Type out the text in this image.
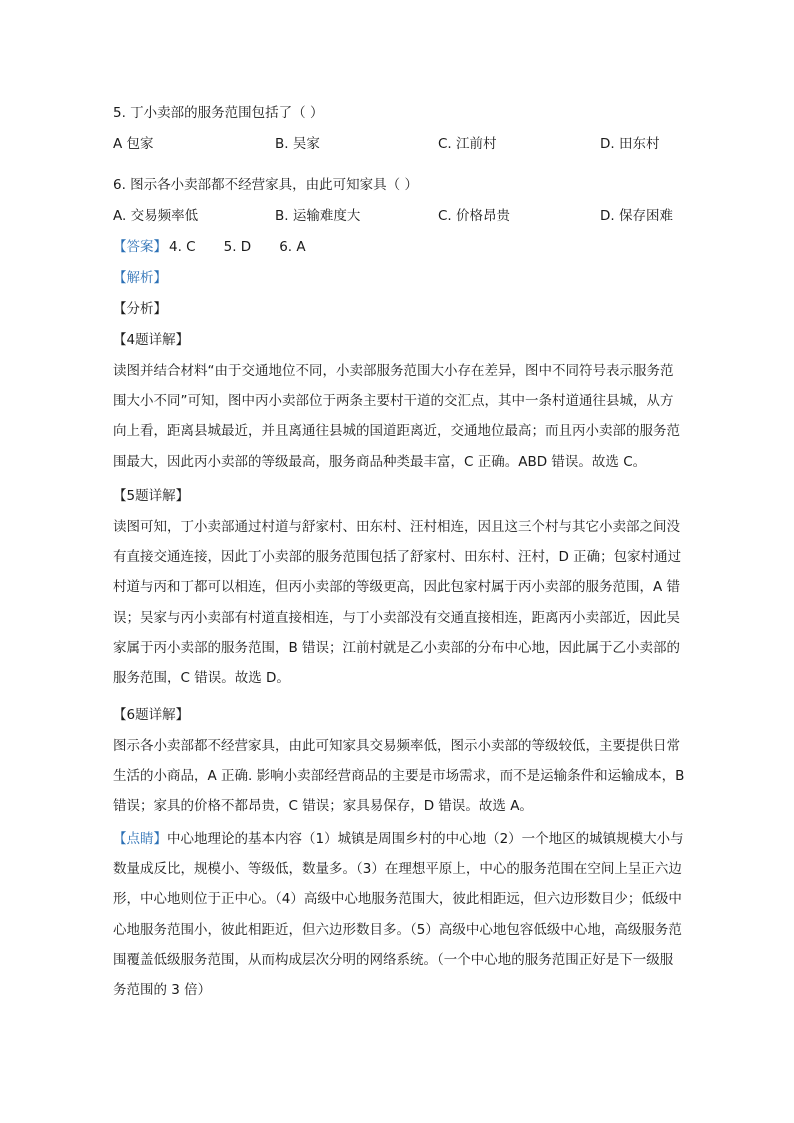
5. 丁小卖部的服务范围包括了（ ）
A 包家	B. 吴家	C. 江前村	D. 田东村
6. 图示各小卖部都不经营家具，由此可知家具（ ）
A. 交易频率低	B. 运输难度大	C. 价格昂贵	D. 保存困难
【答案】 4. C 5. D 6. A
【解析】
【分析】
【4题详解】
读图并结合材料“由于交通地位不同，小卖部服务范围大小存在差异，图中不同符号表示服务范
围大小不同”可知，图中丙小卖部位于两条主要村干道的交汇点，其中一条村道通往县城，从方
向上看，距离县城最近，并且离通往县城的国道距离近，交通地位最高；而且丙小卖部的服务范
围最大，因此丙小卖部的等级最高，服务商品种类最丰富，C 正确。ABD 错误。故选 C。
【5题详解】
读图可知，丁小卖部通过村道与舒家村、田东村、汪村相连，因且这三个村与其它小卖部之间没
有直接交通连接，因此丁小卖部的服务范围包括了舒家村、田东村、汪村，D 正确；包家村通过
村道与丙和丁都可以相连，但丙小卖部的等级更高，因此包家村属于丙小卖部的服务范围，A 错
误；吴家与丙小卖部有村道直接相连，与丁小卖部没有交通直接相连，距离丙小卖部近，因此吴
家属于丙小卖部的服务范围，B 错误；江前村就是乙小卖部的分布中心地，因此属于乙小卖部的
服务范围，C 错误。故选 D。
【6题详解】
图示各小卖部都不经营家具，由此可知家具交易频率低，图示小卖部的等级较低，主要提供日常
生活的小商品，A 正确. 影响小卖部经营商品的主要是市场需求，而不是运输条件和运输成本，B
错误；家具的价格不都昂贵，C 错误；家具易保存，D 错误。故选 A。
【点睛】中心地理论的基本内容（1）城镇是周围乡村的中心地（2）一个地区的城镇规模大小与
数量成反比，规模小、等级低，数量多。（3）在理想平原上，中心的服务范围在空间上呈正六边
形，中心地则位于正中心。（4）高级中心地服务范围大，彼此相距远，但六边形数目少；低级中
心地服务范围小，彼此相距近，但六边形数目多。（5）高级中心地包容低级中心地，高级服务范
围覆盖低级服务范围，从而构成层次分明的网络系统。（一个中心地的服务范围正好是下一级服
务范围的 3 倍）
